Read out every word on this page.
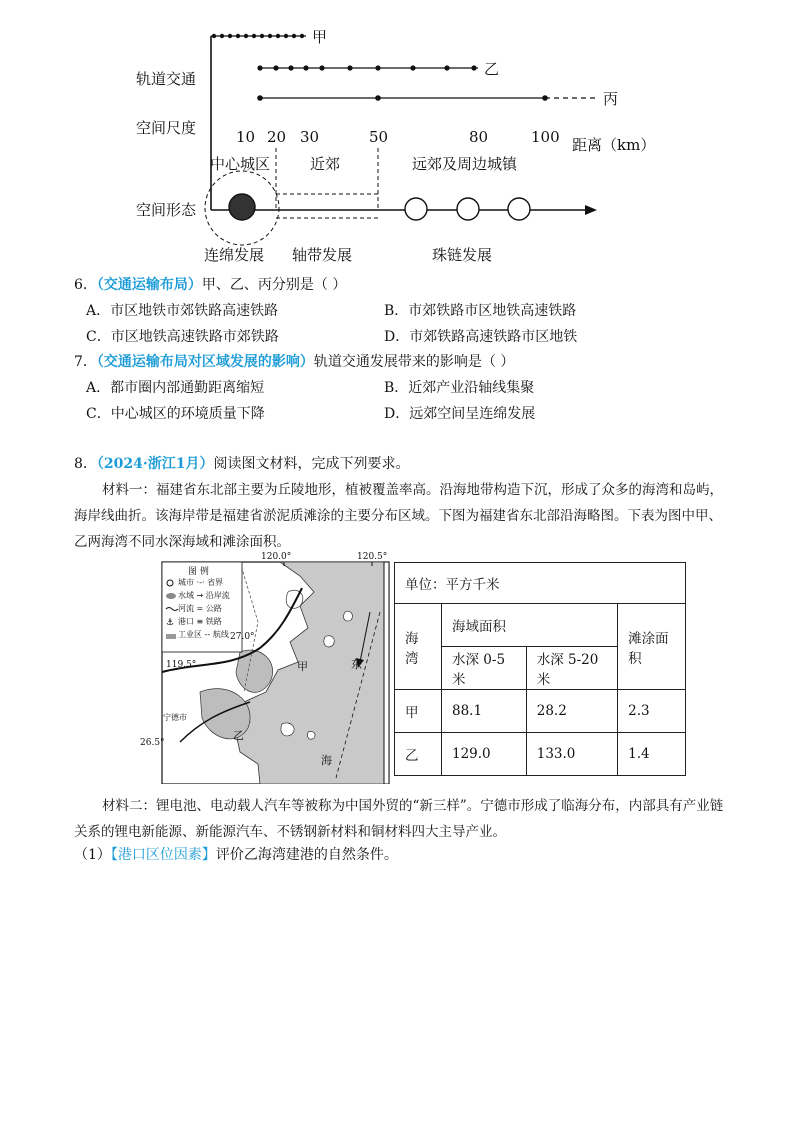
甲
乙
丙
轨道交通
空间尺度
空间形态
10 20 30	50	80	100 距离（km）
中心城区	近郊	远郊及周边城镇
连绵发展 轴带发展	珠链发展
6．（交通运输布局）甲、乙、丙分别是（ ）
A．市区地铁市郊铁路高速铁路	B．市郊铁路市区地铁高速铁路
C．市区地铁高速铁路市郊铁路	D．市郊铁路高速铁路市区地铁
7．（交通运输布局对区域发展的影响）轨道交通发展带来的影响是（ ）
A．都市圈内部通勤距离缩短	B．近郊产业沿轴线集聚
C．中心城区的环境质量下降	D．远郊空间呈连绵发展
8．（2024·浙江1月）阅读图文材料，完成下列要求。
材料一：福建省东北部主要为丘陵地形，植被覆盖率高。沿海地带构造下沉，形成了众多的海湾和岛屿，海岸线曲折。该海岸带是福建省淤泥质滩涂的主要分布区域。下图为福建省东北部沿海略图。下表为图中甲、乙两海湾不同水深海域和滩涂面积。
⚓
120.0°	120.5°
27.0°
26.5°
119.5°
图 例
城市 ·-· 省界
水域 → 沿岸流
河流 = 公路
港口 ≡ 铁路
工业区 -- 航线
甲	东
乙
海
宁德市
单位：平方千米			
海湾	海域面积		滩涂面积
	水深 0-5 米	水深 5-20 米	
甲	88.1	28.2	2.3
乙	129.0	133.0	1.4
材料二：锂电池、电动载人汽车等被称为中国外贸的“新三样”。宁德市形成了临海分布，内部具有产业链关系的锂电新能源、新能源汽车、不锈钢新材料和铜材料四大主导产业。
（1）【港口区位因素】评价乙海湾建港的自然条件。
